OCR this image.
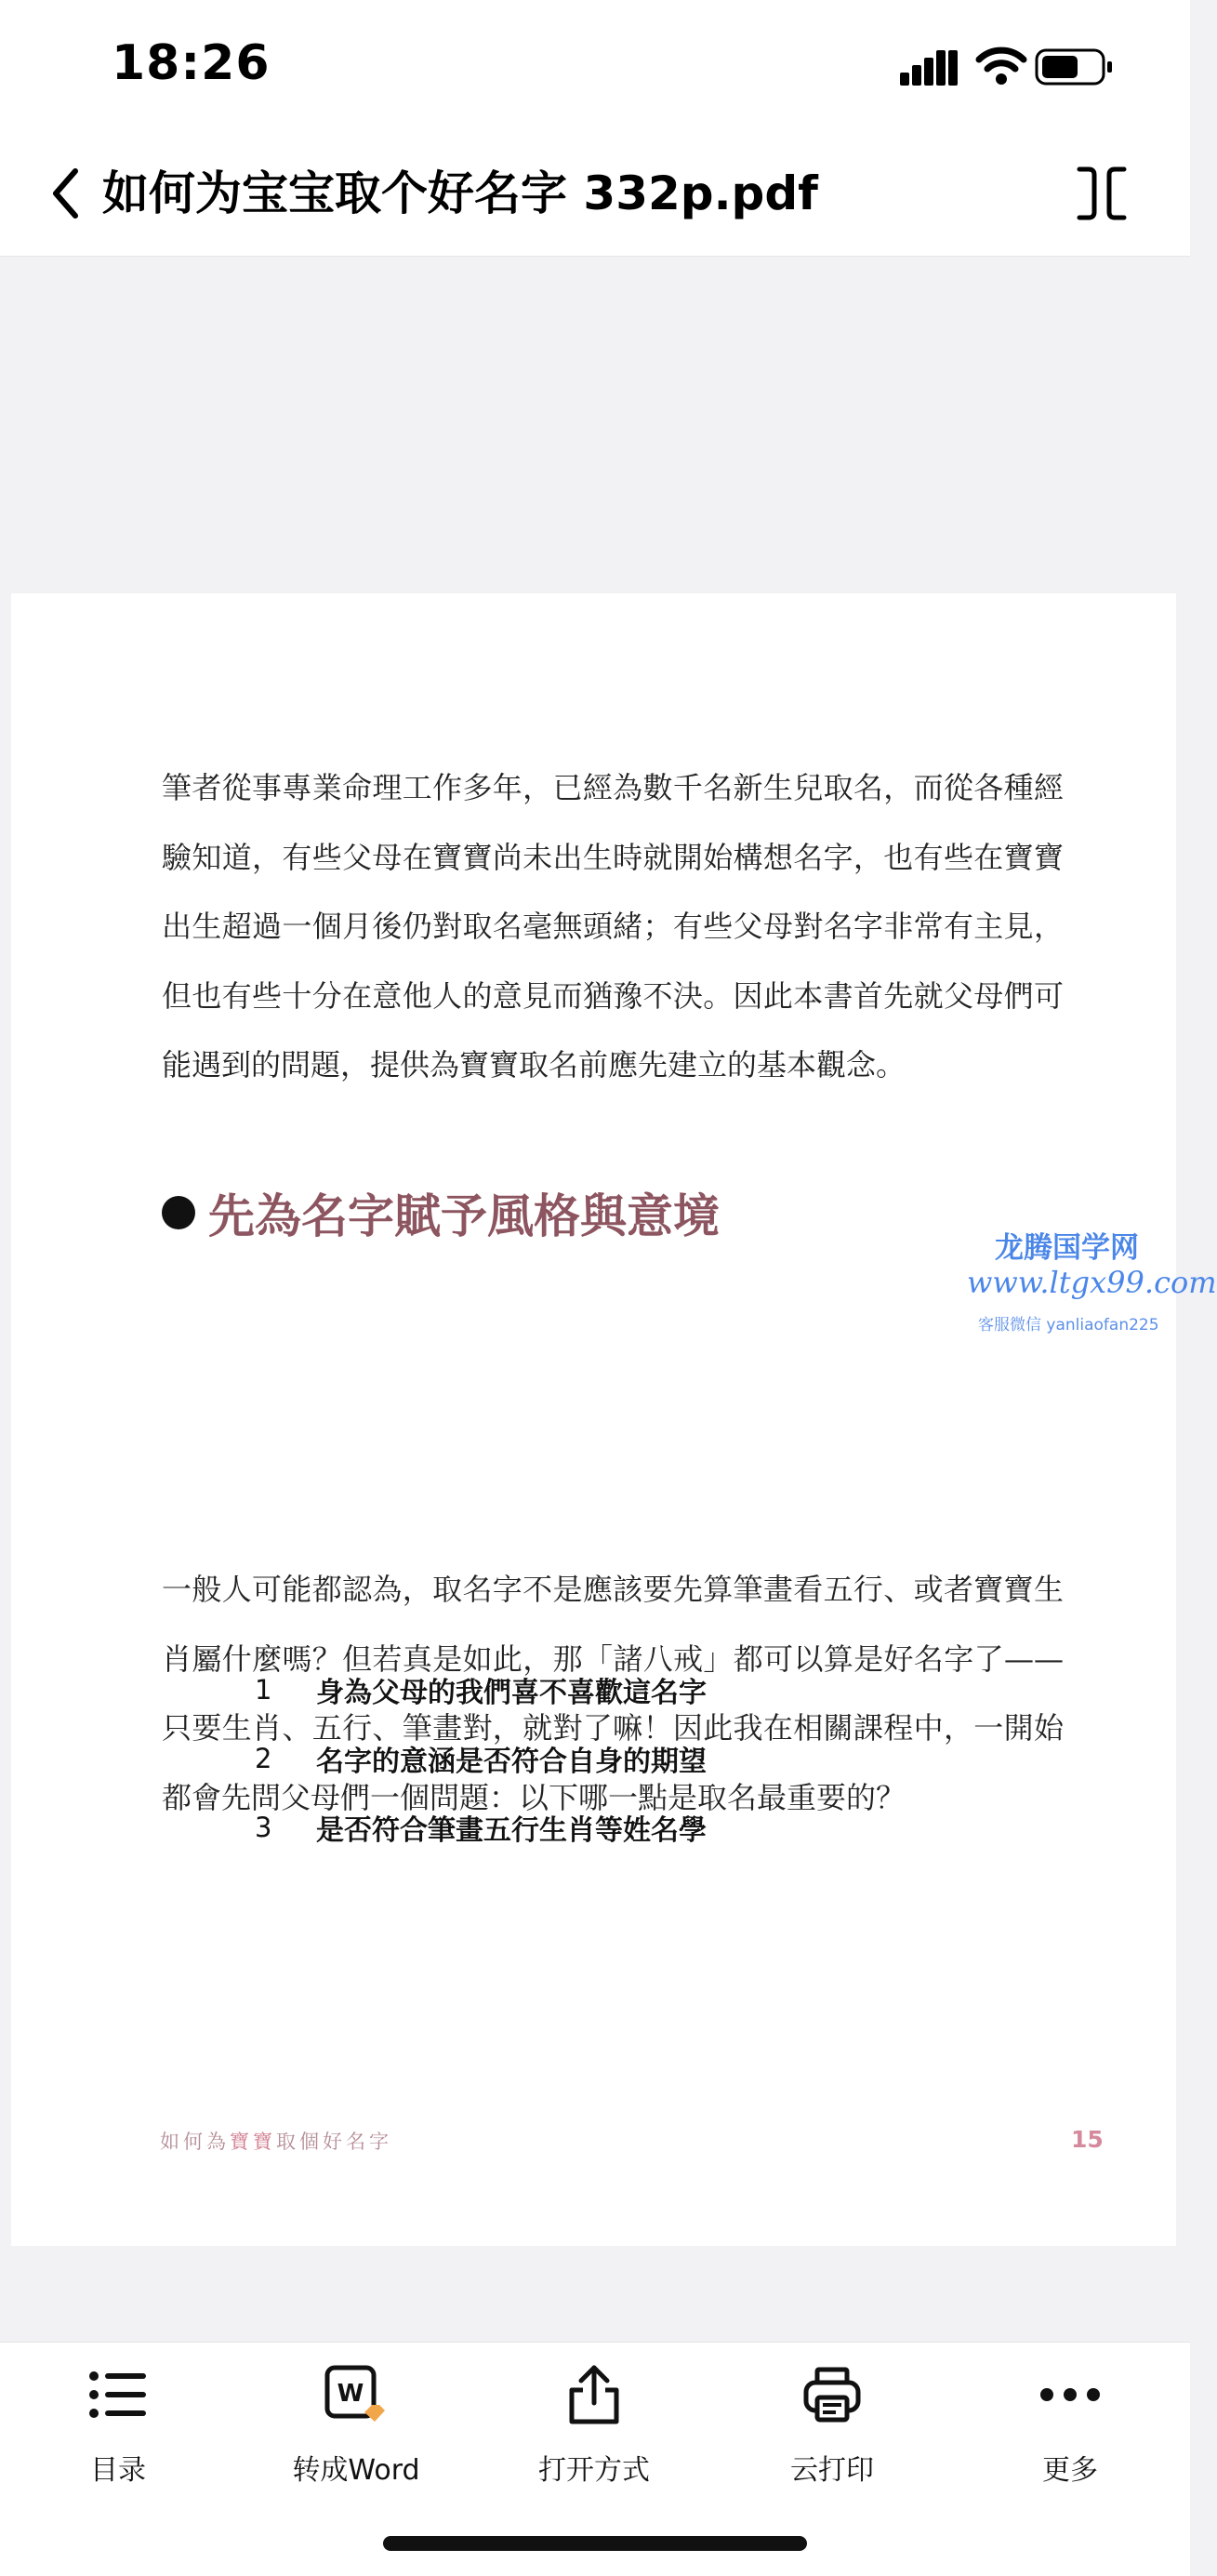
18:26
如何为宝宝取个好名字 332p.pdf

筆者從事專業命理工作多年，已經為數千名新生兒取名，而從各種經驗知道，有些父母在寶寶尚未出生時就開始構想名字，也有些在寶寶出生超過一個月後仍對取名毫無頭緒；有些父母對名字非常有主見，但也有些十分在意他人的意見而猶豫不決。因此本書首先就父母們可能遇到的問題，提供為寶寶取名前應先建立的基本觀念。

先為名字賦予風格與意境

一般人可能都認為，取名字不是應該要先算筆畫看五行、或者寶寶生肖屬什麼嗎？但若真是如此，那「諸八戒」都可以算是好名字了——只要生肖、五行、筆畫對，就對了嘛！因此我在相關課程中，一開始都會先問父母們一個問題：以下哪一點是取名最重要的？

1	身為父母的我們喜不喜歡這名字
2	名字的意涵是否符合自身的期望
3	是否符合筆畫五行生肖等姓名學
如何為寶寶取個好名字	15
龙腾国学网
www.ltgx99.com
客服微信 yanliaofan225
目录
W
转成Word	打开方式	云打印	更多
